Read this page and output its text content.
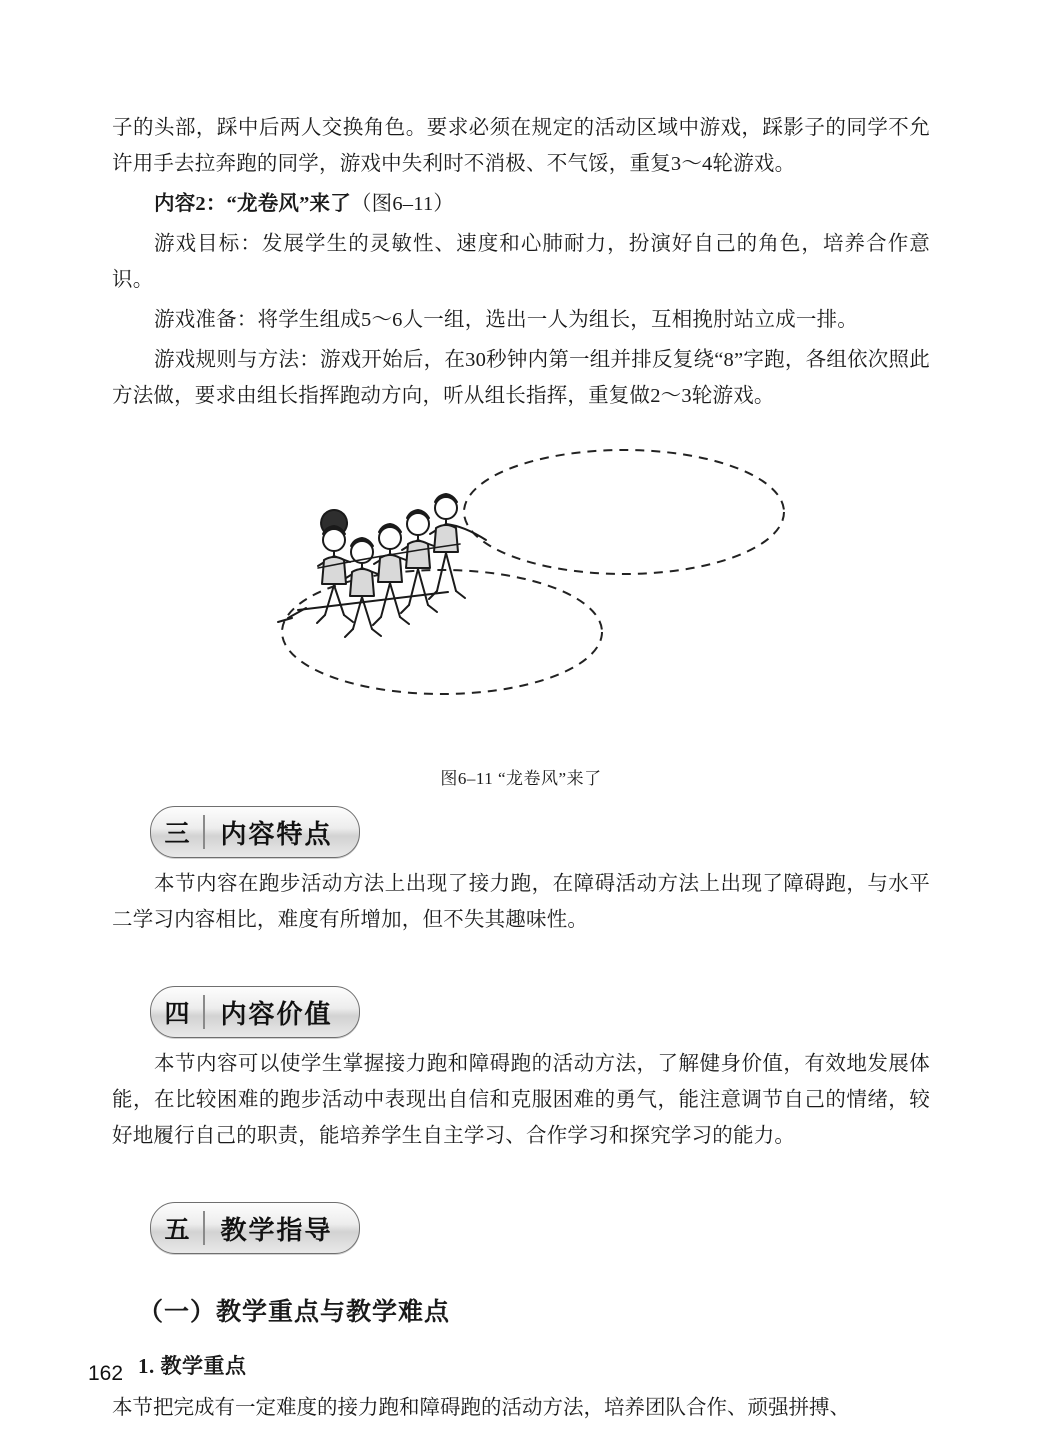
子的头部，踩中后两人交换角色。要求必须在规定的活动区域中游戏，踩影子的同学不允许用手去拉奔跑的同学，游戏中失利时不消极、不气馁，重复3～4轮游戏。

内容2：“龙卷风”来了（图6–11）

游戏目标：发展学生的灵敏性、速度和心肺耐力，扮演好自己的角色，培养合作意识。

游戏准备：将学生组成5～6人一组，选出一人为组长，互相挽肘站立成一排。

游戏规则与方法：游戏开始后，在30秒钟内第一组并排反复绕“8”字跑，各组依次照此方法做，要求由组长指挥跑动方向，听从组长指挥，重复做2～3轮游戏。

图6–11 “龙卷风”来了
三	内容特点

本节内容在跑步活动方法上出现了接力跑，在障碍活动方法上出现了障碍跑，与水平二学习内容相比，难度有所增加，但不失其趣味性。

四	内容价值

本节内容可以使学生掌握接力跑和障碍跑的活动方法，了解健身价值，有效地发展体能，在比较困难的跑步活动中表现出自信和克服困难的勇气，能注意调节自己的情绪，较好地履行自己的职责，能培养学生自主学习、合作学习和探究学习的能力。

五	教学指导
（一）教学重点与教学难点
1. 教学重点

本节把完成有一定难度的接力跑和障碍跑的活动方法，培养团队合作、顽强拼搏、

162
